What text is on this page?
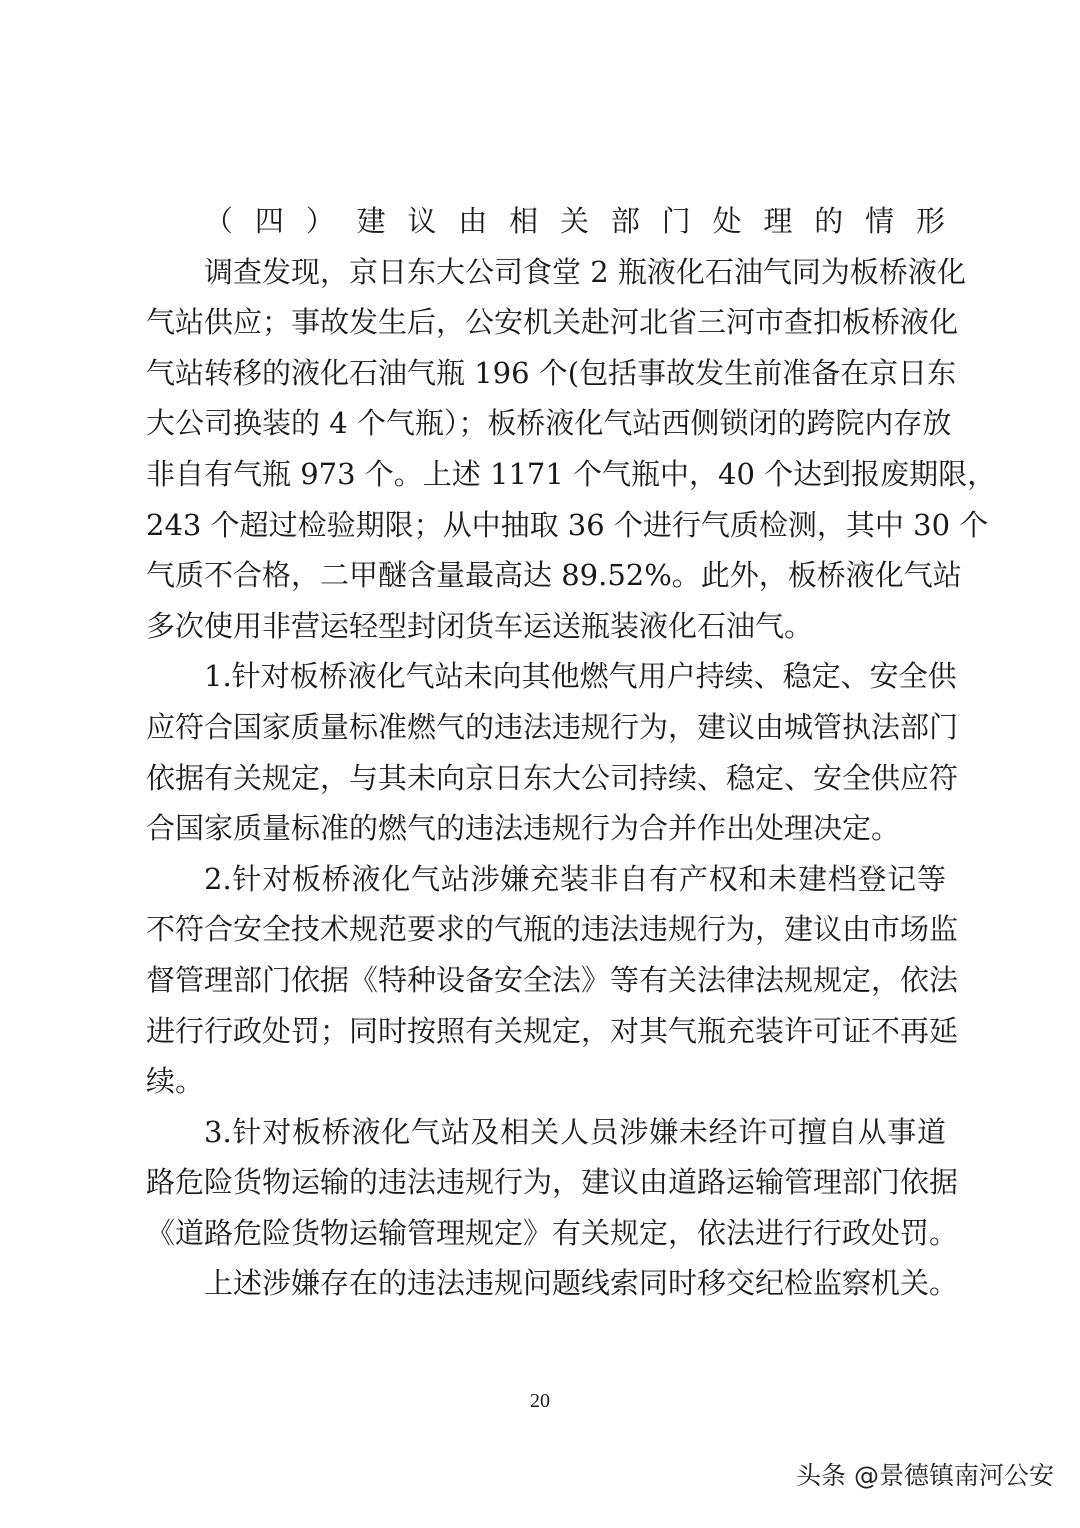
（四）建议由相关部门处理的情形
调查发现，京日东大公司食堂 2 瓶液化石油气同为板桥液化
气站供应；事故发生后，公安机关赴河北省三河市查扣板桥液化
气站转移的液化石油气瓶 196 个(包括事故发生前准备在京日东
大公司换装的 4 个气瓶）；板桥液化气站西侧锁闭的跨院内存放
非自有气瓶 973 个。上述 1171 个气瓶中，40 个达到报废期限，
243 个超过检验期限；从中抽取 36 个进行气质检测，其中 30 个
气质不合格，二甲醚含量最高达 89.52%。此外，板桥液化气站
多次使用非营运轻型封闭货车运送瓶装液化石油气。
1.针对板桥液化气站未向其他燃气用户持续、稳定、安全供
应符合国家质量标准燃气的违法违规行为，建议由城管执法部门
依据有关规定，与其未向京日东大公司持续、稳定、安全供应符
合国家质量标准的燃气的违法违规行为合并作出处理决定。
2.针对板桥液化气站涉嫌充装非自有产权和未建档登记等
不符合安全技术规范要求的气瓶的违法违规行为，建议由市场监
督管理部门依据《特种设备安全法》等有关法律法规规定，依法
进行行政处罚；同时按照有关规定，对其气瓶充装许可证不再延
续。
3.针对板桥液化气站及相关人员涉嫌未经许可擅自从事道
路危险货物运输的违法违规行为，建议由道路运输管理部门依据
《道路危险货物运输管理规定》有关规定，依法进行行政处罚。
上述涉嫌存在的违法违规问题线索同时移交纪检监察机关。
20
头条 @景德镇南河公安
